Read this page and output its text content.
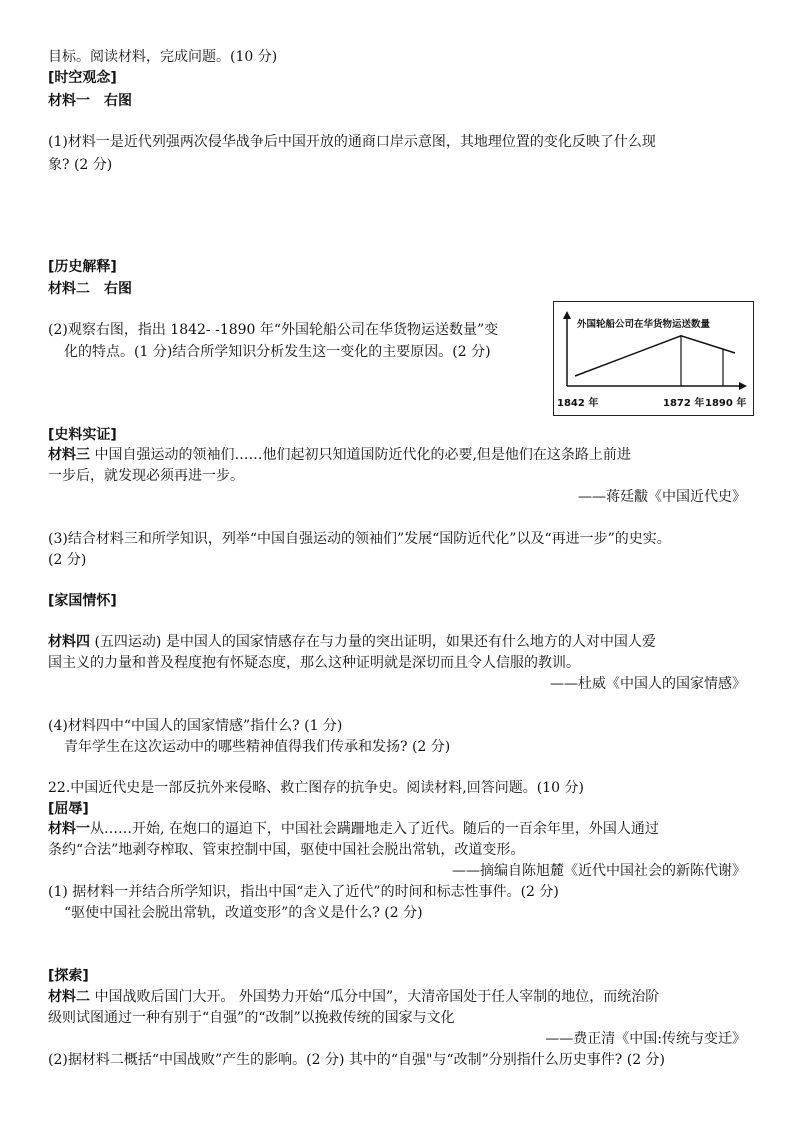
目标。阅读材料，完成问题。(10 分)
[时空观念]
材料一　右图
(1)材料一是近代列强两次侵华战争后中国开放的通商口岸示意图，其地理位置的变化反映了什么现
象? (2 分)
[历史解释]
材料二　右图
(2)观察右图，指出 1842- -1890 年“外国轮船公司在华货物运送数量”变
化的特点。(1 分)结合所学知识分析发生这一变化的主要原因。(2 分)
外国轮船公司在华货物运送数量
1842 年	1872 年 1890 年
[史料实证]
材料三 中国自强运动的领袖们……他们起初只知道国防近代化的必要,但是他们在这条路上前进
一步后，就发现必须再进一步。
——蒋廷黻《中国近代史》
(3)结合材料三和所学知识，列举“中国自强运动的领袖们”发展“国防近代化”以及“再进一步”的史实。
(2 分)
[家国情怀]
材料四 (五四运动) 是中国人的国家情感存在与力量的突出证明，如果还有什么地方的人对中国人爱
国主义的力量和普及程度抱有怀疑态度，那么这种证明就是深切而且令人信服的教训。
——杜威《中国人的国家情感》
(4)材料四中“中国人的国家情感”指什么? (1 分)
青年学生在这次运动中的哪些精神值得我们传承和发扬? (2 分)
22.中国近代史是一部反抗外来侵略、救亡图存的抗争史。阅读材料,回答问题。(10 分)
[屈辱]
材料一从……开始, 在炮口的逼迫下，中国社会蹒跚地走入了近代。随后的一百余年里，外国人通过
条约“合法”地剥夺榨取、管束控制中国，驱使中国社会脱出常轨，改道变形。
——摘编自陈旭麓《近代中国社会的新陈代谢》
(1) 据材料一并结合所学知识，指出中国“走入了近代”的时间和标志性事件。(2 分)
“驱使中国社会脱出常轨，改道变形”的含义是什么? (2 分)
[探索]
材料二 中国战败后国门大开。 外国势力开始“瓜分中国”，大清帝国处于任人宰制的地位，而统治阶
级则试图通过一种有别于“自强”的“改制”以挽救传统的国家与文化
——费正清《中国:传统与变迁》
(2)据材料二概括“中国战败”产生的影响。(2 分) 其中的“自强"与“改制”分别指什么历史事件? (2 分)
